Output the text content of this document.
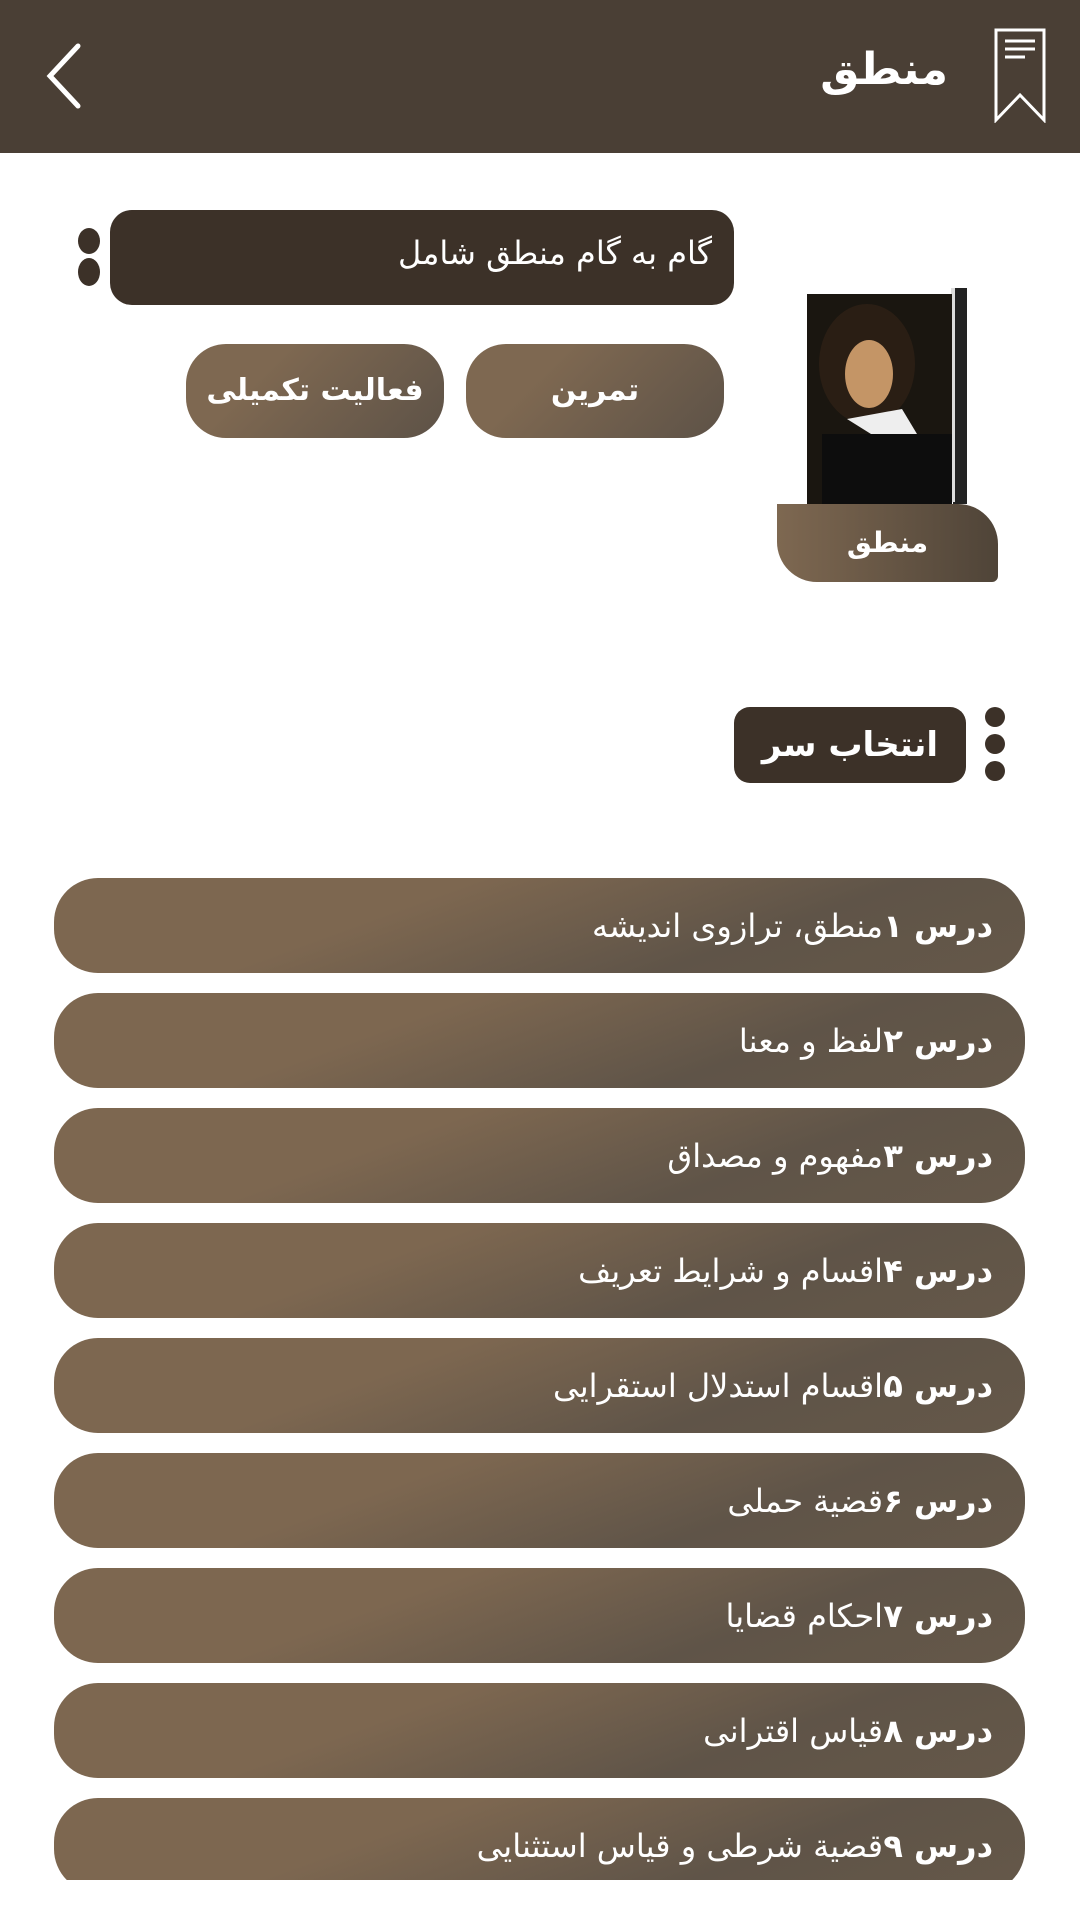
منطق
گام به گام منطق شامل
تمرین
فعالیت تکمیلی
منطق
انتخاب سر فصل
درس ۱
منطق، ترازوی اندیشه
درس ۲
لفظ و معنا
درس ۳
مفهوم و مصداق
درس ۴
اقسام و شرایط تعریف
درس ۵
اقسام استدلال استقرایی
درس ۶
قضیة حملی
درس ۷
احکام قضایا
درس ۸
قیاس اقترانی
درس ۹
قضیة شرطی و قیاس استثنایی
